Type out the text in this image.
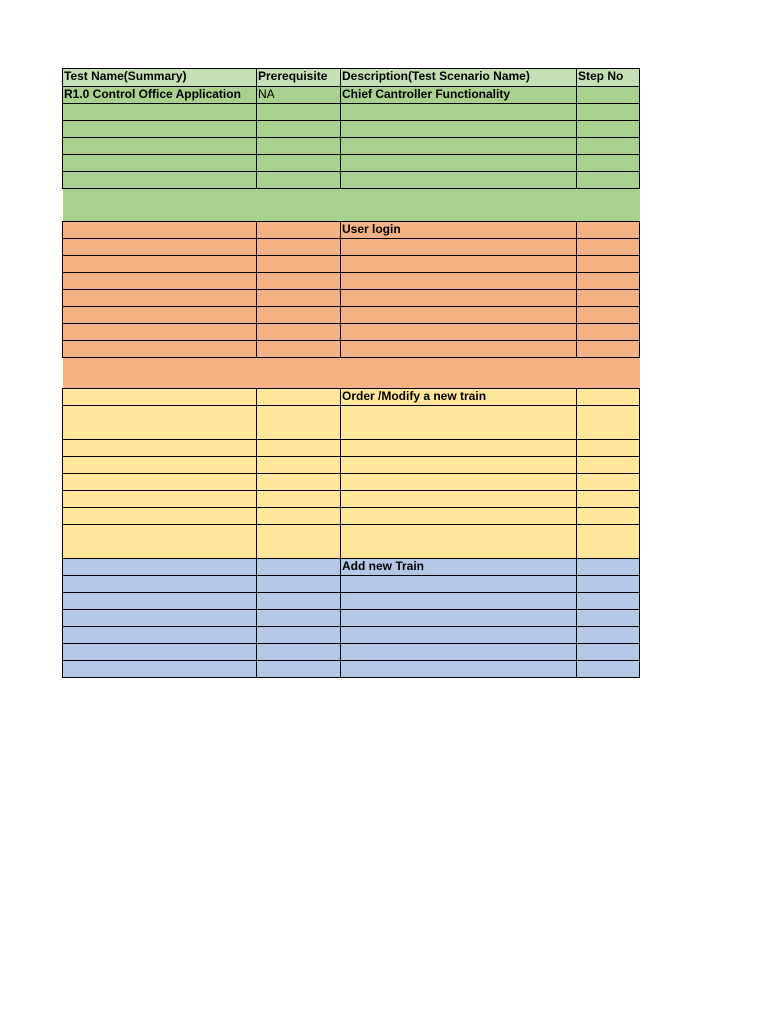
Test Name(Summary)	Prerequisite	Description(Test Scenario Name)	Step No
R1.0 Control Office Application	NA	Chief Cantroller Functionality	

		User login	

		Order /Modify a new train	

		Add new Train	
